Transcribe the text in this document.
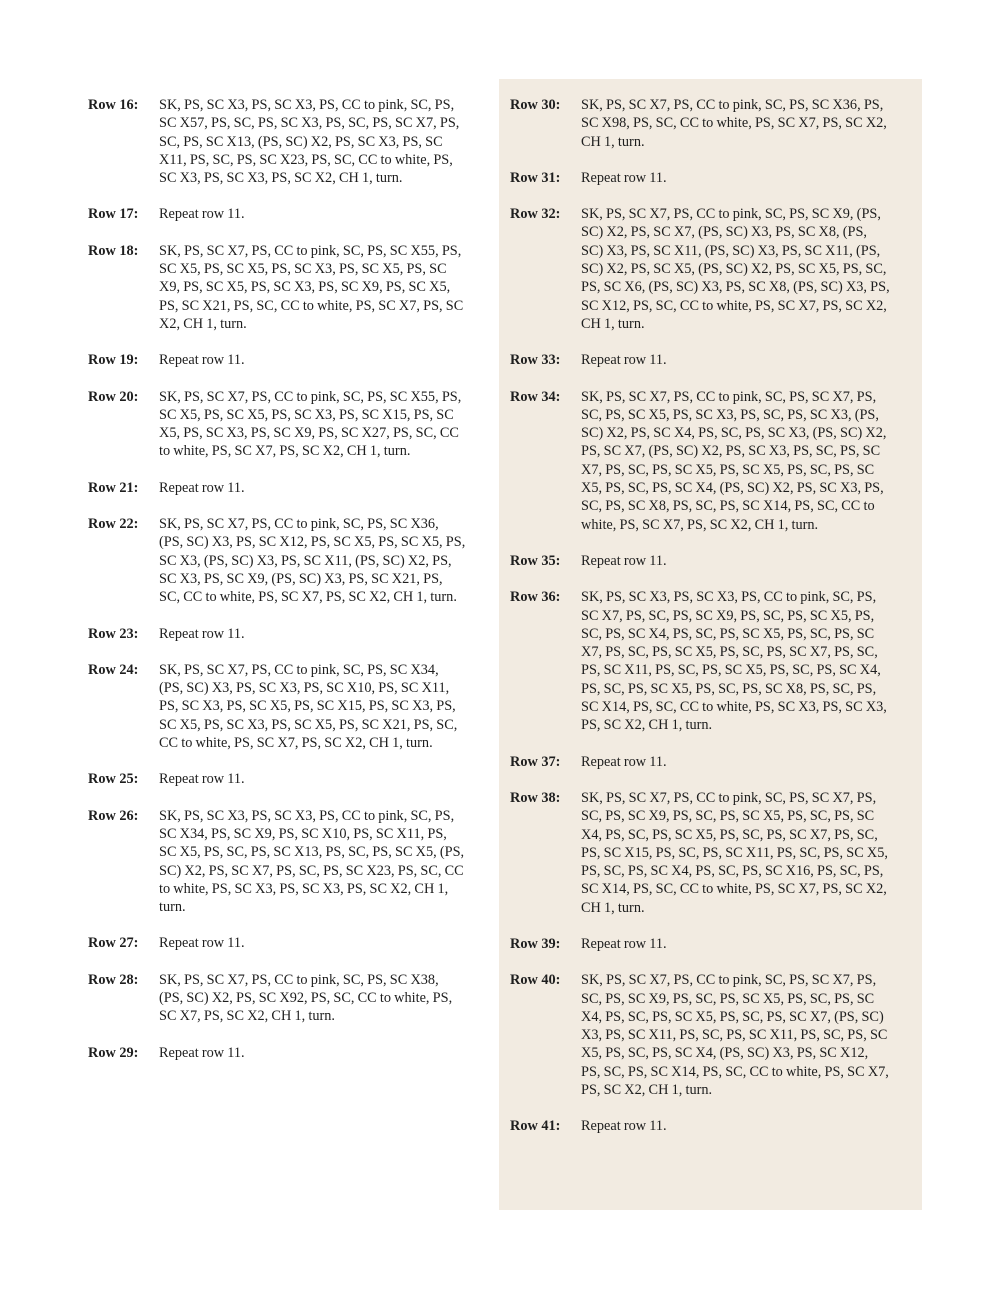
Row 16:	SK, PS, SC X3, PS, SC X3, PS, CC to pink, SC, PS, SC X57, PS, SC, PS, SC X3, PS, SC, PS, SC X7, PS, SC, PS, SC X13, (PS, SC) X2, PS, SC X3, PS, SC X11, PS, SC, PS, SC X23, PS, SC, CC to white, PS, SC X3, PS, SC X3, PS, SC X2, CH 1, turn.
Row 17:	Repeat row 11.
Row 18:	SK, PS, SC X7, PS, CC to pink, SC, PS, SC X55, PS, SC X5, PS, SC X5, PS, SC X3, PS, SC X5, PS, SC X9, PS, SC X5, PS, SC X3, PS, SC X9, PS, SC X5, PS, SC X21, PS, SC, CC to white, PS, SC X7, PS, SC X2, CH 1, turn.
Row 19:	Repeat row 11.
Row 20:	SK, PS, SC X7, PS, CC to pink, SC, PS, SC X55, PS, SC X5, PS, SC X5, PS, SC X3, PS, SC X15, PS, SC X5, PS, SC X3, PS, SC X9, PS, SC X27, PS, SC, CC to white, PS, SC X7, PS, SC X2, CH 1, turn.
Row 21:	Repeat row 11.
Row 22:	SK, PS, SC X7, PS, CC to pink, SC, PS, SC X36, (PS, SC) X3, PS, SC X12, PS, SC X5, PS, SC X5, PS, SC X3, (PS, SC) X3, PS, SC X11, (PS, SC) X2, PS, SC X3, PS, SC X9, (PS, SC) X3, PS, SC X21, PS, SC, CC to white, PS, SC X7, PS, SC X2, CH 1, turn.
Row 23:	Repeat row 11.
Row 24:	SK, PS, SC X7, PS, CC to pink, SC, PS, SC X34, (PS, SC) X3, PS, SC X3, PS, SC X10, PS, SC X11, PS, SC X3, PS, SC X5, PS, SC X15, PS, SC X3, PS, SC X5, PS, SC X3, PS, SC X5, PS, SC X21, PS, SC, CC to white, PS, SC X7, PS, SC X2, CH 1, turn.
Row 25:	Repeat row 11.
Row 26:	SK, PS, SC X3, PS, SC X3, PS, CC to pink, SC, PS, SC X34, PS, SC X9, PS, SC X10, PS, SC X11, PS, SC X5, PS, SC, PS, SC X13, PS, SC, PS, SC X5, (PS, SC) X2, PS, SC X7, PS, SC, PS, SC X23, PS, SC, CC to white, PS, SC X3, PS, SC X3, PS, SC X2, CH 1, turn.
Row 27:	Repeat row 11.
Row 28:	SK, PS, SC X7, PS, CC to pink, SC, PS, SC X38, (PS, SC) X2, PS, SC X92, PS, SC, CC to white, PS, SC X7, PS, SC X2, CH 1, turn.
Row 29:	Repeat row 11.
Row 30:	SK, PS, SC X7, PS, CC to pink, SC, PS, SC X36, PS, SC X98, PS, SC, CC to white, PS, SC X7, PS, SC X2, CH 1, turn.
Row 31:	Repeat row 11.
Row 32:	SK, PS, SC X7, PS, CC to pink, SC, PS, SC X9, (PS, SC) X2, PS, SC X7, (PS, SC) X3, PS, SC X8, (PS, SC) X3, PS, SC X11, (PS, SC) X3, PS, SC X11, (PS, SC) X2, PS, SC X5, (PS, SC) X2, PS, SC X5, PS, SC, PS, SC X6, (PS, SC) X3, PS, SC X8, (PS, SC) X3, PS, SC X12, PS, SC, CC to white, PS, SC X7, PS, SC X2, CH 1, turn.
Row 33:	Repeat row 11.
Row 34:	SK, PS, SC X7, PS, CC to pink, SC, PS, SC X7, PS, SC, PS, SC X5, PS, SC X3, PS, SC, PS, SC X3, (PS, SC) X2, PS, SC X4, PS, SC, PS, SC X3, (PS, SC) X2, PS, SC X7, (PS, SC) X2, PS, SC X3, PS, SC, PS, SC X7, PS, SC, PS, SC X5, PS, SC X5, PS, SC, PS, SC X5, PS, SC, PS, SC X4, (PS, SC) X2, PS, SC X3, PS, SC, PS, SC X8, PS, SC, PS, SC X14, PS, SC, CC to white, PS, SC X7, PS, SC X2, CH 1, turn.
Row 35:	Repeat row 11.
Row 36:	SK, PS, SC X3, PS, SC X3, PS, CC to pink, SC, PS, SC X7, PS, SC, PS, SC X9, PS, SC, PS, SC X5, PS, SC, PS, SC X4, PS, SC, PS, SC X5, PS, SC, PS, SC X7, PS, SC, PS, SC X5, PS, SC, PS, SC X7, PS, SC, PS, SC X11, PS, SC, PS, SC X5, PS, SC, PS, SC X4, PS, SC, PS, SC X5, PS, SC, PS, SC X8, PS, SC, PS, SC X14, PS, SC, CC to white, PS, SC X3, PS, SC X3, PS, SC X2, CH 1, turn.
Row 37:	Repeat row 11.
Row 38:	SK, PS, SC X7, PS, CC to pink, SC, PS, SC X7, PS, SC, PS, SC X9, PS, SC, PS, SC X5, PS, SC, PS, SC X4, PS, SC, PS, SC X5, PS, SC, PS, SC X7, PS, SC, PS, SC X15, PS, SC, PS, SC X11, PS, SC, PS, SC X5, PS, SC, PS, SC X4, PS, SC, PS, SC X16, PS, SC, PS, SC X14, PS, SC, CC to white, PS, SC X7, PS, SC X2, CH 1, turn.
Row 39:	Repeat row 11.
Row 40:	SK, PS, SC X7, PS, CC to pink, SC, PS, SC X7, PS, SC, PS, SC X9, PS, SC, PS, SC X5, PS, SC, PS, SC X4, PS, SC, PS, SC X5, PS, SC, PS, SC X7, (PS, SC) X3, PS, SC X11, PS, SC, PS, SC X11, PS, SC, PS, SC X5, PS, SC, PS, SC X4, (PS, SC) X3, PS, SC X12, PS, SC, PS, SC X14, PS, SC, CC to white, PS, SC X7, PS, SC X2, CH 1, turn.
Row 41:	Repeat row 11.
